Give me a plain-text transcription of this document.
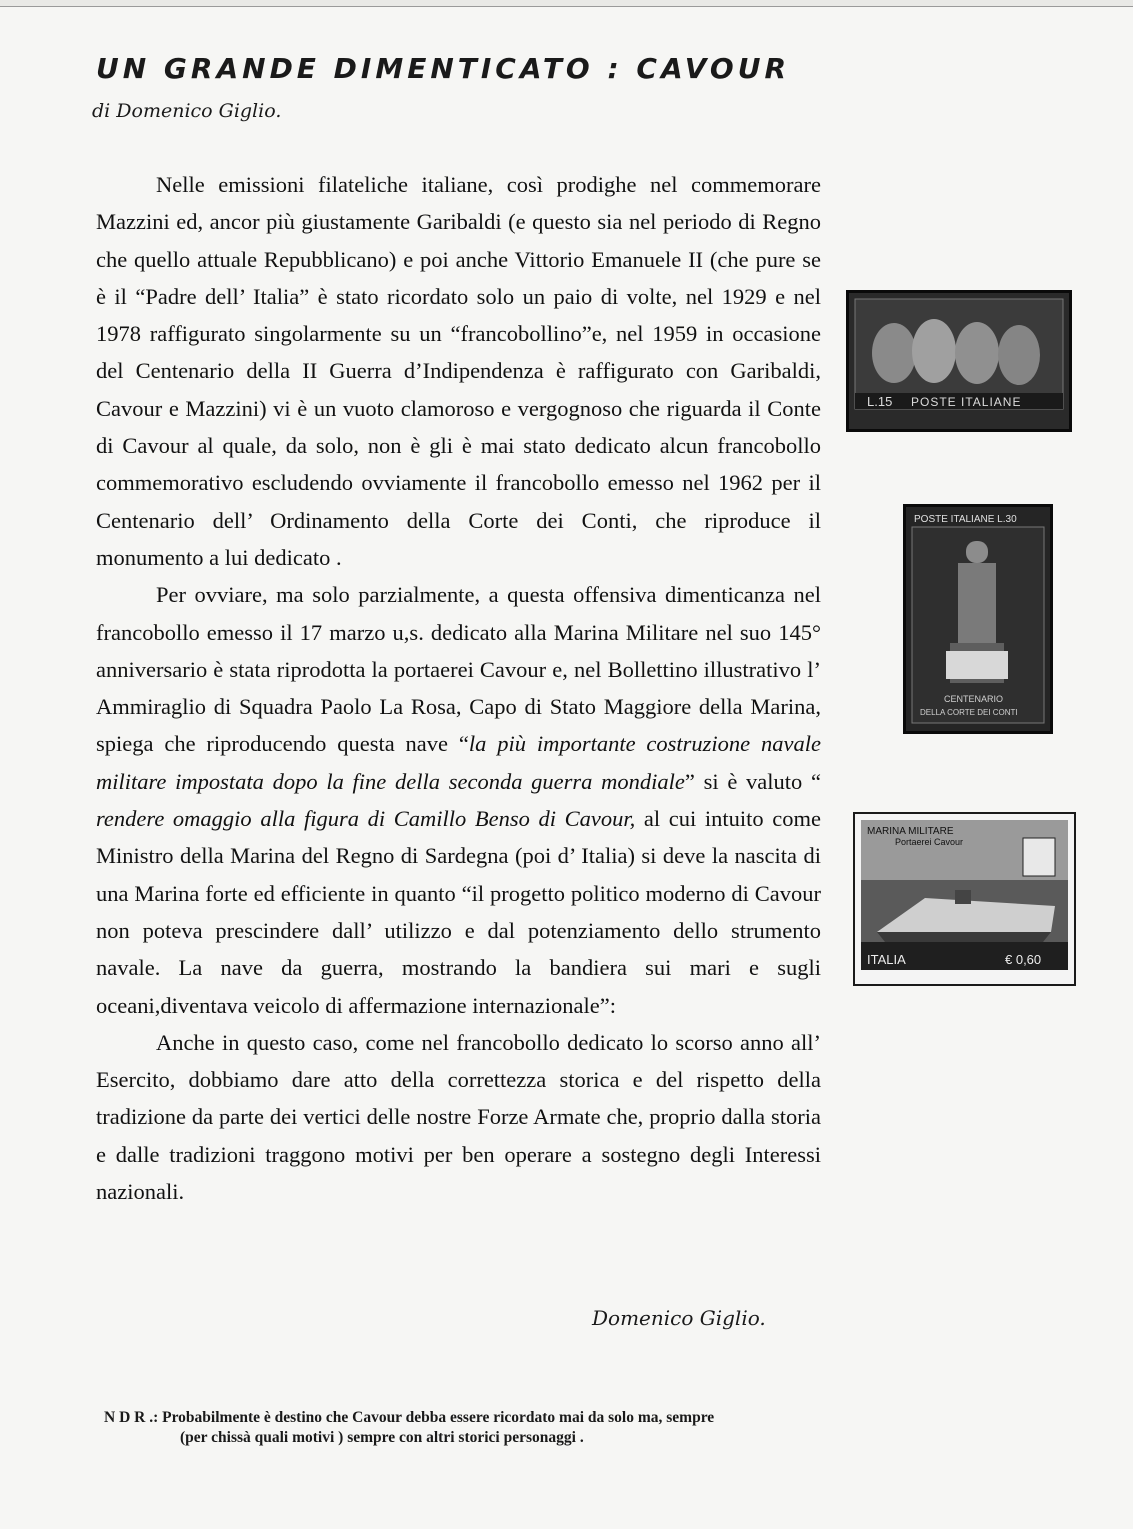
UN GRANDE DIMENTICATO : CAVOUR
di Domenico Giglio.

Nelle emissioni filateliche italiane, così prodighe nel commemorare Mazzini ed, ancor più giustamente Garibaldi (e questo sia nel periodo di Regno che quello attuale Repubblicano) e poi anche Vittorio Emanuele II (che pure se è il “Padre dell’ Italia” è stato ricordato solo un paio di volte, nel 1929 e nel 1978 raffigurato singolarmente su un “francobollino”e, nel 1959 in occasione del Centenario della II Guerra d’Indipendenza è raffigurato con Garibaldi, Cavour e Mazzini) vi è un vuoto clamoroso e vergognoso che riguarda il Conte di Cavour al quale, da solo, non è gli è mai stato dedicato alcun francobollo commemorativo escludendo ovviamente il francobollo emesso nel 1962 per il Centenario dell’ Ordinamento della Corte dei Conti, che riproduce il monumento a lui dedicato .

Per ovviare, ma solo parzialmente, a questa offensiva dimenticanza nel francobollo emesso il 17 marzo u,s. dedicato alla Marina Militare nel suo 145° anniversario è stata riprodotta la portaerei Cavour e, nel Bollettino illustrativo l’ Ammiraglio di Squadra Paolo La Rosa, Capo di Stato Maggiore della Marina, spiega che riproducendo questa nave “la più importante costruzione navale militare impostata dopo la fine della seconda guerra mondiale” si è valuto “ rendere omaggio alla figura di Camillo Benso di Cavour, al cui intuito come Ministro della Marina del Regno di Sardegna (poi d’ Italia) si deve la nascita di una Marina forte ed efficiente in quanto “il progetto politico moderno di Cavour non poteva prescindere dall’ utilizzo e dal potenziamento dello strumento navale. La nave da guerra, mostrando la bandiera sui mari e sugli oceani,diventava veicolo di affermazione internazionale”:

Anche in questo caso, come nel francobollo dedicato lo scorso anno all’ Esercito, dobbiamo dare atto della correttezza storica e del rispetto della tradizione da parte dei vertici delle nostre Forze Armate che, proprio dalla storia e dalle tradizioni traggono motivi per ben operare a sostegno degli Interessi nazionali.

Domenico Giglio.
N D R .: Probabilmente è destino che Cavour debba essere ricordato mai da solo ma, sempre
(per chissà quali motivi ) sempre con altri storici personaggi .
L.15 POSTE ITALIANE
POSTE ITALIANE L.30
CENTENARIO
DELLA CORTE DEI CONTI
MARINA MILITARE
Portaerei Cavour
ITALIA	€ 0,60
